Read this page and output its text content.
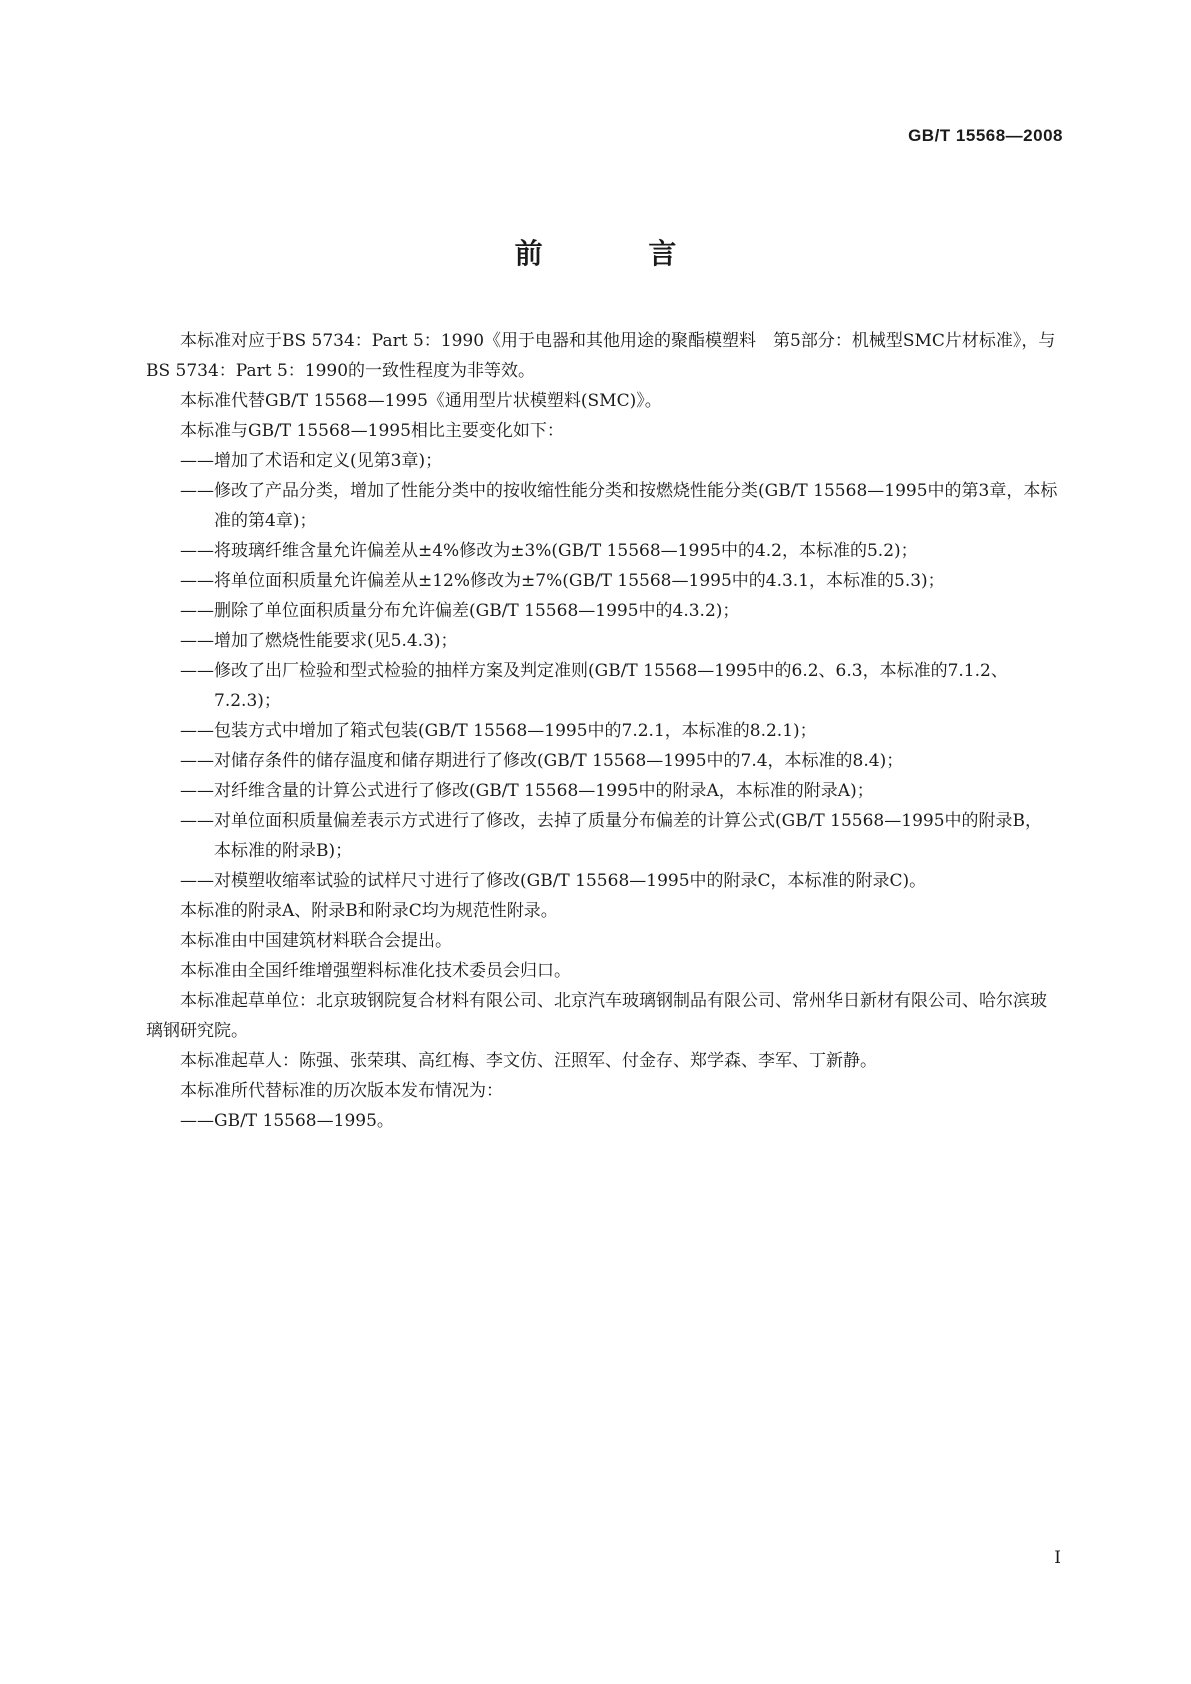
GB/T 15568—2008
前 言

本标准对应于BS 5734：Part 5：1990《用于电器和其他用途的聚酯模塑料　第5部分：机械型SMC片材标准》，与BS 5734：Part 5：1990的一致性程度为非等效。

本标准代替GB/T 15568—1995《通用型片状模塑料(SMC)》。

本标准与GB/T 15568—1995相比主要变化如下：

——增加了术语和定义(见第3章)；

——修改了产品分类，增加了性能分类中的按收缩性能分类和按燃烧性能分类(GB/T 15568—1995中的第3章，本标准的第4章)；

——将玻璃纤维含量允许偏差从±4%修改为±3%(GB/T 15568—1995中的4.2，本标准的5.2)；

——将单位面积质量允许偏差从±12%修改为±7%(GB/T 15568—1995中的4.3.1，本标准的5.3)；

——删除了单位面积质量分布允许偏差(GB/T 15568—1995中的4.3.2)；

——增加了燃烧性能要求(见5.4.3)；

——修改了出厂检验和型式检验的抽样方案及判定准则(GB/T 15568—1995中的6.2、6.3，本标准的7.1.2、7.2.3)；

——包装方式中增加了箱式包装(GB/T 15568—1995中的7.2.1，本标准的8.2.1)；

——对储存条件的储存温度和储存期进行了修改(GB/T 15568—1995中的7.4，本标准的8.4)；

——对纤维含量的计算公式进行了修改(GB/T 15568—1995中的附录A，本标准的附录A)；

——对单位面积质量偏差表示方式进行了修改，去掉了质量分布偏差的计算公式(GB/T 15568—1995中的附录B，本标准的附录B)；

——对模塑收缩率试验的试样尺寸进行了修改(GB/T 15568—1995中的附录C，本标准的附录C)。

本标准的附录A、附录B和附录C均为规范性附录。

本标准由中国建筑材料联合会提出。

本标准由全国纤维增强塑料标准化技术委员会归口。

本标准起草单位：北京玻钢院复合材料有限公司、北京汽车玻璃钢制品有限公司、常州华日新材有限公司、哈尔滨玻璃钢研究院。

本标准起草人：陈强、张荣琪、高红梅、李文仿、汪照军、付金存、郑学森、李军、丁新静。

本标准所代替标准的历次版本发布情况为：

——GB/T 15568—1995。

I
